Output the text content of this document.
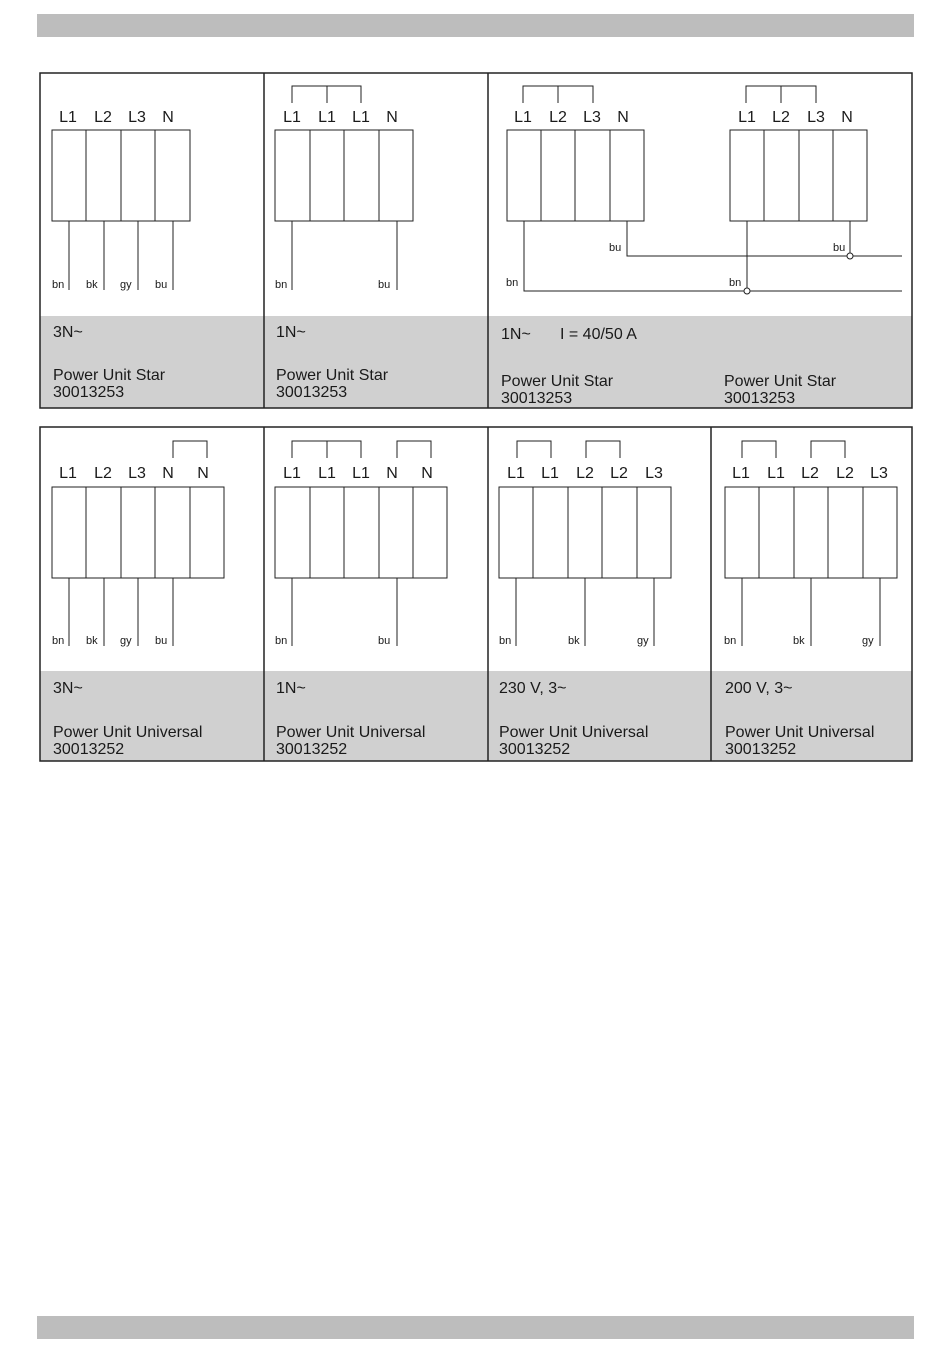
L1 L2 L3 N
bn bk gy bu
3N~
Power Unit Star
30013253
L1 L1 L1 N
bn	bu
1N~
Power Unit Star
30013253
L1 L2 L3 N
bu
bn
L1 L2 L3 N
bu
bn
1N~ I = 40/50 A
Power Unit Star
30013253
Power Unit Star
30013253
L1 L2 L3 N N
bn bk gy bu
3N~
Power Unit Universal
30013252
L1 L1 L1 N N
bn	bu
1N~
Power Unit Universal
30013252
L1 L1 L2 L2 L3
bn	bk	gy
230 V, 3~
Power Unit Universal
30013252
L1 L1 L2 L2 L3
bn	bk	gy
200 V, 3~
Power Unit Universal
30013252
